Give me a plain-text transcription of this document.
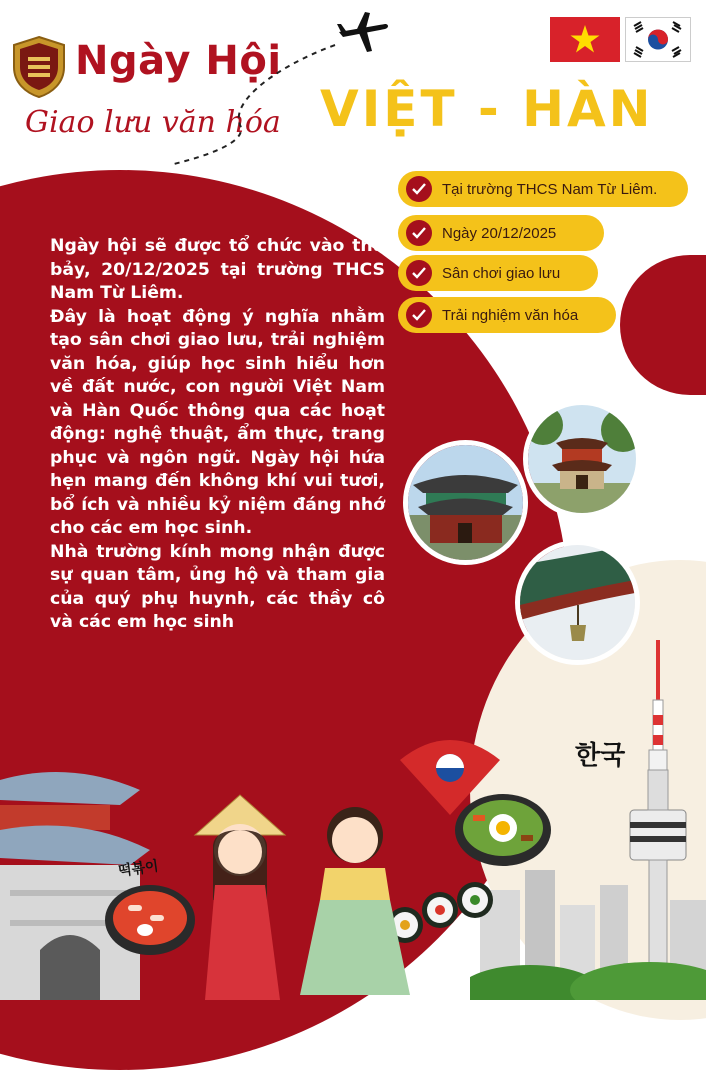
Ngày Hội
Giao lưu văn hóa VIỆT - HÀN
Tại trường THCS Nam Từ Liêm.
Ngày 20/12/2025
Sân chơi giao lưu
Trải nghiệm văn hóa

Ngày hội sẽ được tổ chức vào thứ bảy, 20/12/2025 tại trường THCS Nam Từ Liêm.

Đây là hoạt động ý nghĩa nhằm tạo sân chơi giao lưu, trải nghiệm văn hóa, giúp học sinh hiểu hơn về đất nước, con người Việt Nam và Hàn Quốc thông qua các hoạt động: nghệ thuật, ẩm thực, trang phục và ngôn ngữ. Ngày hội hứa hẹn mang đến không khí vui tươi, bổ ích và nhiều kỷ niệm đáng nhớ cho các em học sinh.

Nhà trường kính mong nhận được sự quan tâm, ủng hộ và tham gia của quý phụ huynh, các thầy cô và các em học sinh

떡볶이
한국
